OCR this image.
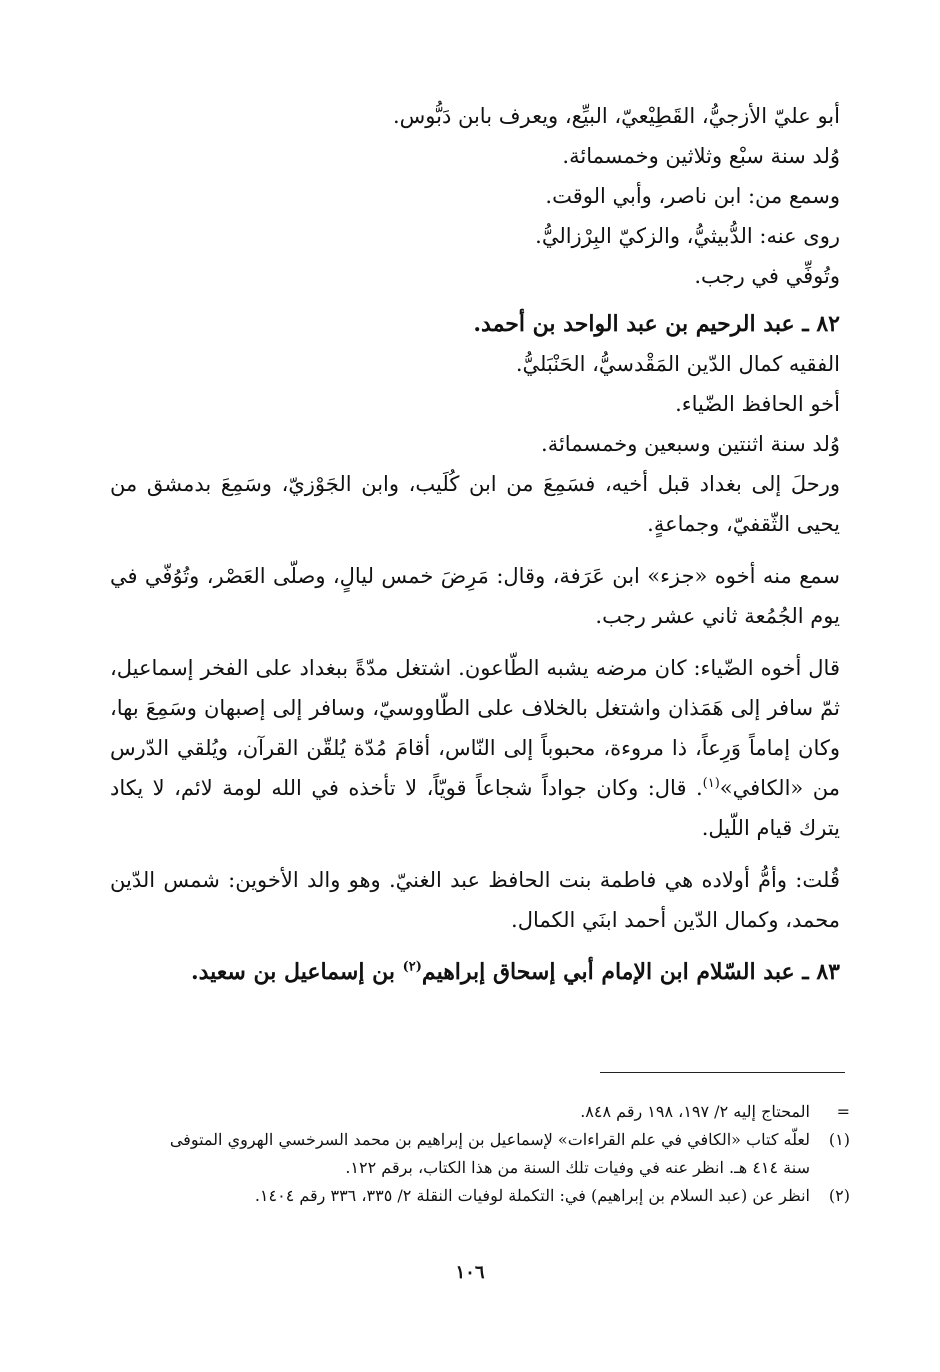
أبو عليّ الأزجيُّ، القَطِيْعيّ، البيِّع، ويعرف بابن دَبُّوس.
وُلد سنة سبْع وثلاثين وخمسمائة.
وسمع من: ابن ناصر، وأبي الوقت.
روى عنه: الدُّبيثيُّ، والزكيّ البِرْزاليُّ.
وتُوفِّي في رجب.
٨٢ ـ عبد الرحيم بن عبد الواحد بن أحمد.
الفقيه كمال الدّين المَقْدسيُّ، الحَنْبَليُّ.
أخو الحافظ الضّياء.
وُلد سنة اثنتين وسبعين وخمسمائة.
ورحلَ إلى بغداد قبل أخيه، فسَمِعَ من ابن كُلَيب، وابن الجَوْزيّ، وسَمِعَ بدمشق من يحيى الثّقفيّ، وجماعةٍ.
سمع منه أخوه «جزء» ابن عَرَفة، وقال: مَرِضَ خمس ليالٍ، وصلّى العَصْر، وتُوُفّي في يوم الجُمُعة ثاني عشر رجب.
قال أخوه الضّياء: كان مرضه يشبه الطّاعون. اشتغل مدّةً ببغداد على الفخر إسماعيل، ثمّ سافر إلى هَمَذان واشتغل بالخلاف على الطّاووسيّ، وسافر إلى إصبهان وسَمِعَ بها، وكان إماماً وَرِعاً، ذا مروءة، محبوباً إلى النّاس، أقامَ مُدّة يُلقّن القرآن، ويُلقي الدّرس من «الكافي»$^{(١)}$. قال: وكان جواداً شجاعاً قويّاً، لا تأخذه في الله لومة لائم، لا يكاد يترك قيام اللّيل.
قُلت: وأمُّ أولاده هي فاطمة بنت الحافظ عبد الغنيّ. وهو والد الأخوين: شمس الدّين محمد، وكمال الدّين أحمد ابنَي الكمال.
٨٣ ـ عبد السّلام ابن الإمام أبي إسحاق إبراهيم$^{(٢)}$ بن إسماعيل بن سعيد.
=
المحتاج إليه ٢/ ١٩٧، ١٩٨ رقم ٨٤٨.
(١)
لعلّه كتاب «الكافي في علم القراءات» لإسماعيل بن إبراهيم بن محمد السرخسي الهروي المتوفى
سنة ٤١٤ هـ. انظر عنه في وفيات تلك السنة من هذا الكتاب، برقم ١٢٢.
(٢)
انظر عن (عبد السلام بن إبراهيم) في: التكملة لوفيات النقلة ٢/ ٣٣٥، ٣٣٦ رقم ١٤٠٤.
١٠٦
